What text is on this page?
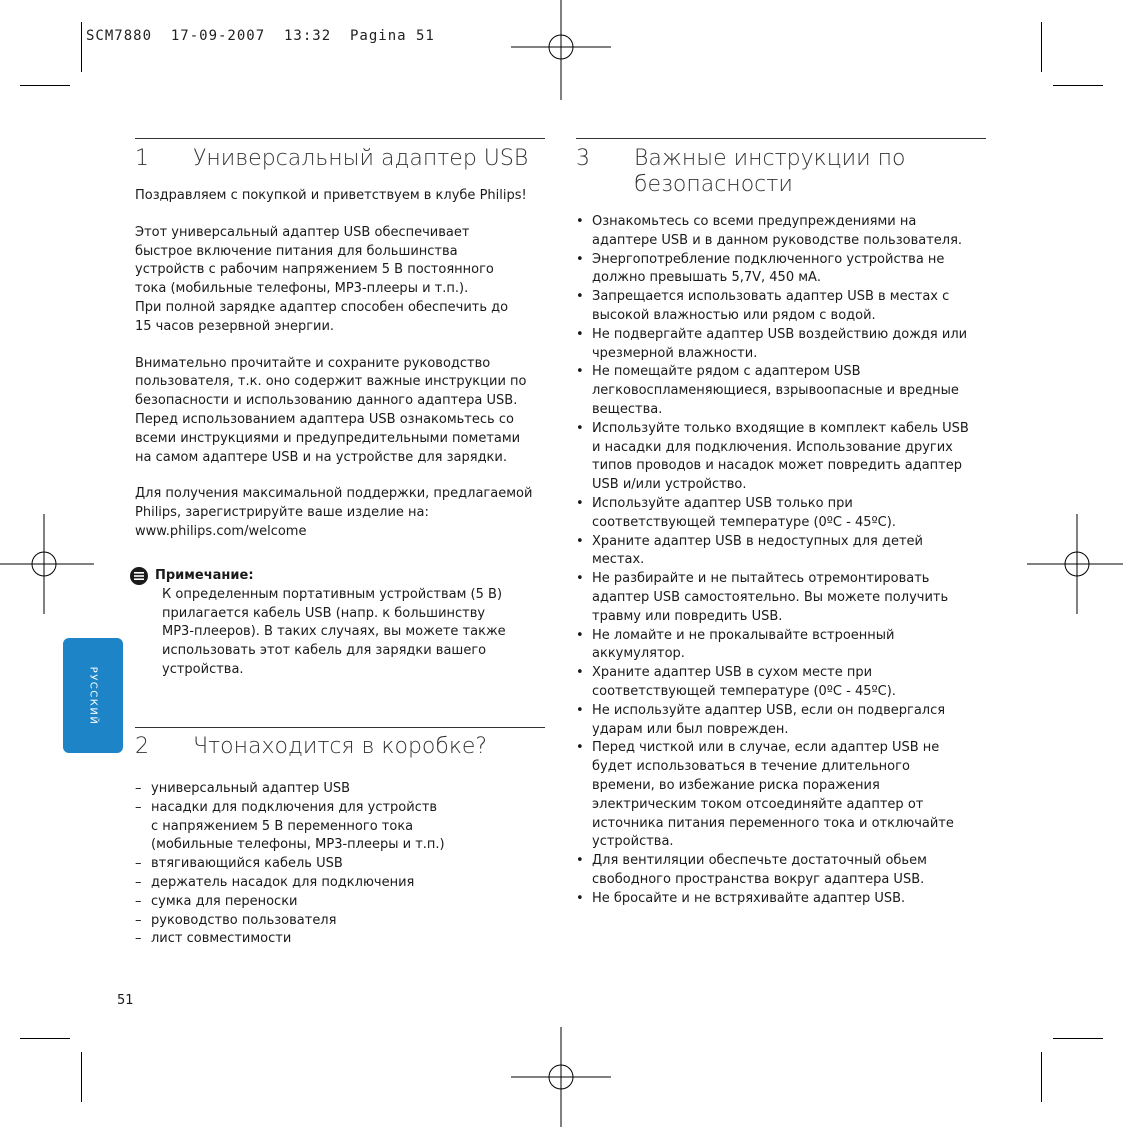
SCM7880  17-09-2007  13:32  Pagina 51
РУССКИЙ
1	Универсальный адаптер USB

Поздравляем с покупкой и приветствуем в клубе Philips!

Этот универсальный адаптер USB обеспечивает
быстрое включение питания для большинства
устройств с рабочим напряжением 5 В постоянного
тока (мобильные телефоны, MP3-плееры и т.п.).
При полной зарядке адаптер способен обеспечить до
15 часов резервной энергии.

Внимательно прочитайте и сохраните руководство
пользователя, т.к. оно содержит важные инструкции по
безопасности и использованию данного адаптера USB.
Перед использованием адаптера USB ознакомьтесь со
всеми инструкциями и предупредительными пометами
на самом адаптере USB и на устройстве для зарядки.

Для получения максимальной поддержки, предлагаемой
Philips, зарегистрируйте ваше изделие на:
www.philips.com/welcome

Примечание:
К определенным портативным устройствам (5 В)
прилагается кабель USB (напр. к большинству
MP3-плееров). В таких случаях, вы можете также
использовать этот кабель для зарядки вашего
устройства.
2	Чтонаходится в коробке?
– универсальный адаптер USB
– насадки для подключения для устройств
с напряжением 5 В переменного тока
(мобильные телефоны, MP3-плееры и т.п.)
– втягивающийся кабель USB
– держатель насадок для подключения
– сумка для переноски
– руководство пользователя
– лист совместимости
3	Важные инструкции по
безопасности
• Ознакомьтесь со всеми предупреждениями на
адаптере USB и в данном руководстве пользователя.
• Энергопотребление подключенного устройства не
должно превышать 5,7V, 450 мА.
• Запрещается использовать адаптер USB в местах с
высокой влажностью или рядом с водой.
• Не подвергайте адаптер USB воздействию дождя или
чрезмерной влажности.
• Не помещайте рядом с адаптером USB
легковоспламеняющиеся, взрывоопасные и вредные
вещества.
• Используйте только входящие в комплект кабель USB
и насадки для подключения. Использование других
типов проводов и насадок может повредить адаптер
USB и/или устройство.
• Используйте адаптер USB только при
соответствующей температуре (0ºC - 45ºC).
• Храните адаптер USB в недоступных для детей
местах.
• Не разбирайте и не пытайтесь отремонтировать
адаптер USB самостоятельно. Вы можете получить
травму или повредить USB.
• Не ломайте и не прокалывайте встроенный
аккумулятор.
• Храните адаптер USB в сухом месте при
соответствующей температуре (0ºC - 45ºC).
• Не используйте адаптер USB, если он подвергался
ударам или был поврежден.
• Перед чисткой или в случае, если адаптер USB не
будет использоваться в течение длительного
времени, во избежание риска поражения
электрическим током отсоединяйте адаптер от
источника питания переменного тока и отключайте
устройства.
• Для вентиляции обеспечьте достаточный обьем
свободного пространства вокруг адаптера USB.
• Не бросайте и не встряхивайте адаптер USB.
51
